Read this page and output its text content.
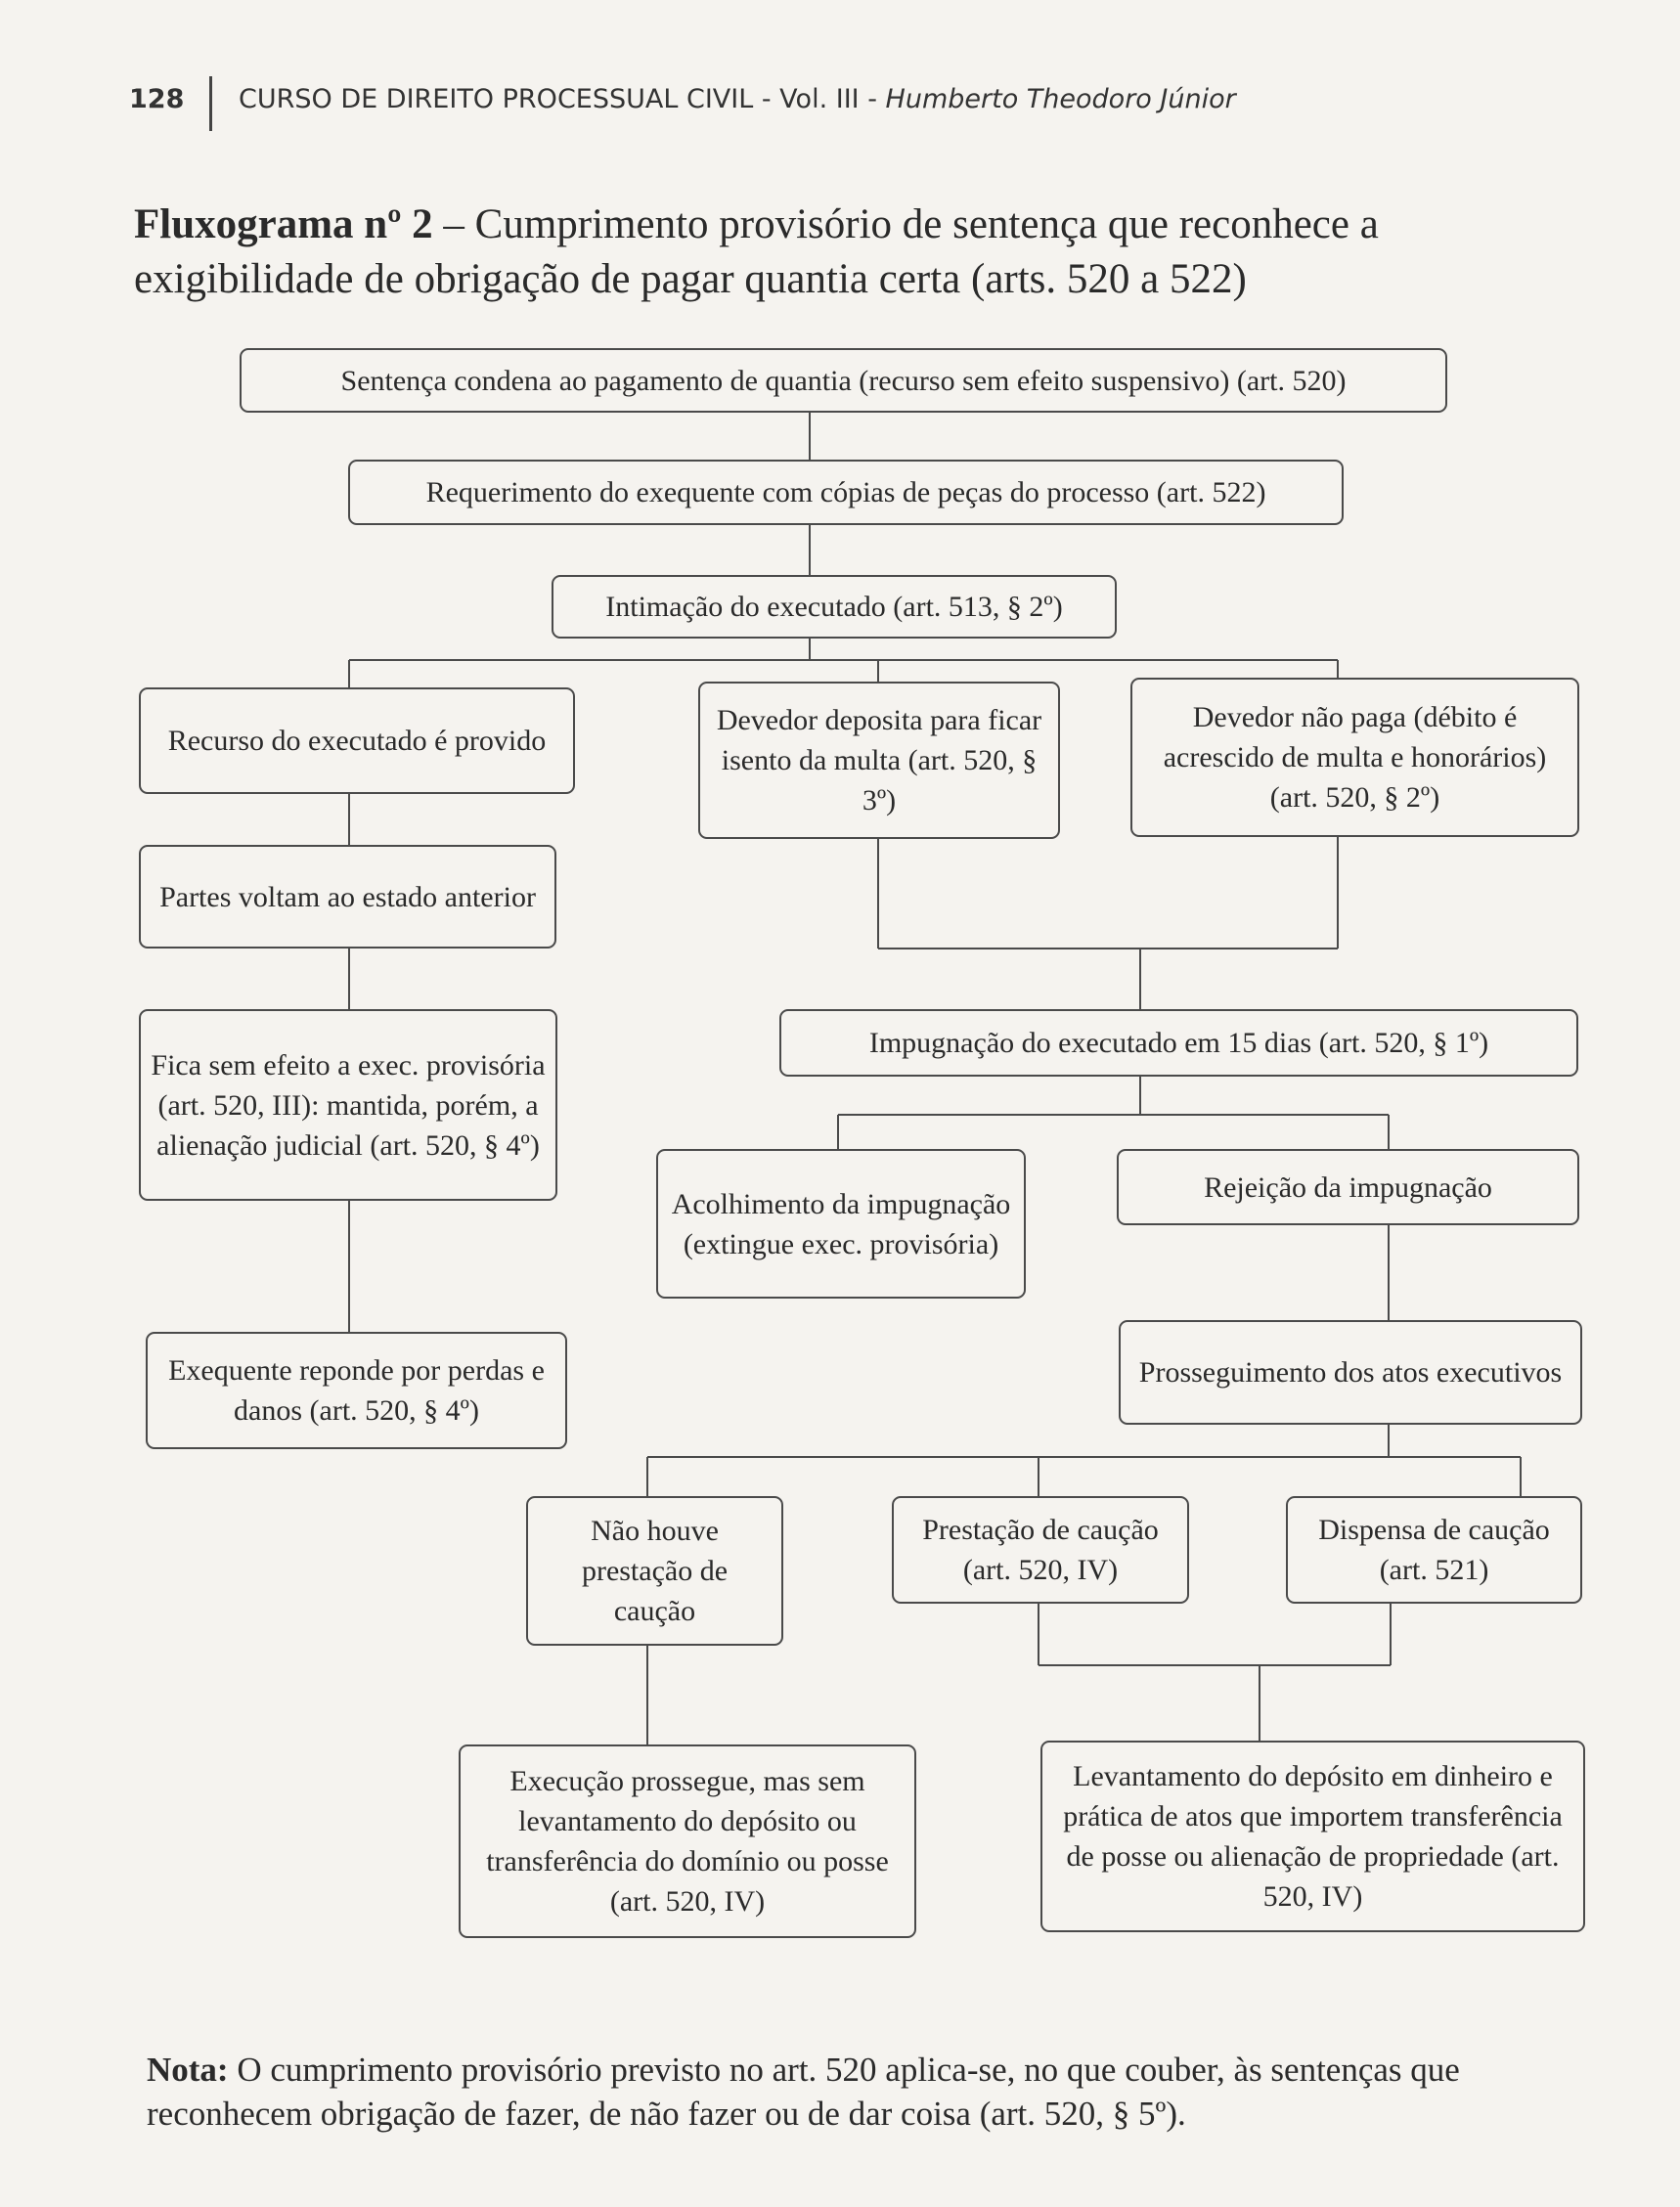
128 CURSO DE DIREITO PROCESSUAL CIVIL - Vol. III - Humberto Theodoro Júnior
Fluxograma nº 2 – Cumprimento provisório de sentença que reconhece a exigibilidade de obrigação de pagar quantia certa (arts. 520 a 522)
Sentença condena ao pagamento de quantia (recurso sem efeito suspensivo) (art. 520)
Requerimento do exequente com cópias de peças do processo (art. 522)
Intimação do executado (art. 513, § 2º)
Recurso do executado é provido
Devedor deposita para ficar isento da multa (art. 520, § 3º)
Devedor não paga (débito é acrescido de multa e honorários) (art. 520, § 2º)
Partes voltam ao estado anterior
Fica sem efeito a exec. provisória (art. 520, III): mantida, porém, a alienação judicial (art. 520, § 4º)
Impugnação do executado em 15 dias (art. 520, § 1º)
Acolhimento da impugnação (extingue exec. provisória)
Rejeição da impugnação
Exequente reponde por perdas e danos (art. 520, § 4º)
Prosseguimento dos atos executivos
Não houve prestação de caução
Prestação de caução (art. 520, IV)
Dispensa de caução (art. 521)
Execução prossegue, mas sem levantamento do depósito ou transferência do domínio ou posse (art. 520, IV)
Levantamento do depósito em dinheiro e prática de atos que importem transferência de posse ou alienação de propriedade (art. 520, IV)
Nota: O cumprimento provisório previsto no art. 520 aplica-se, no que couber, às sentenças que reconhecem obrigação de fazer, de não fazer ou de dar coisa (art. 520, § 5º).
